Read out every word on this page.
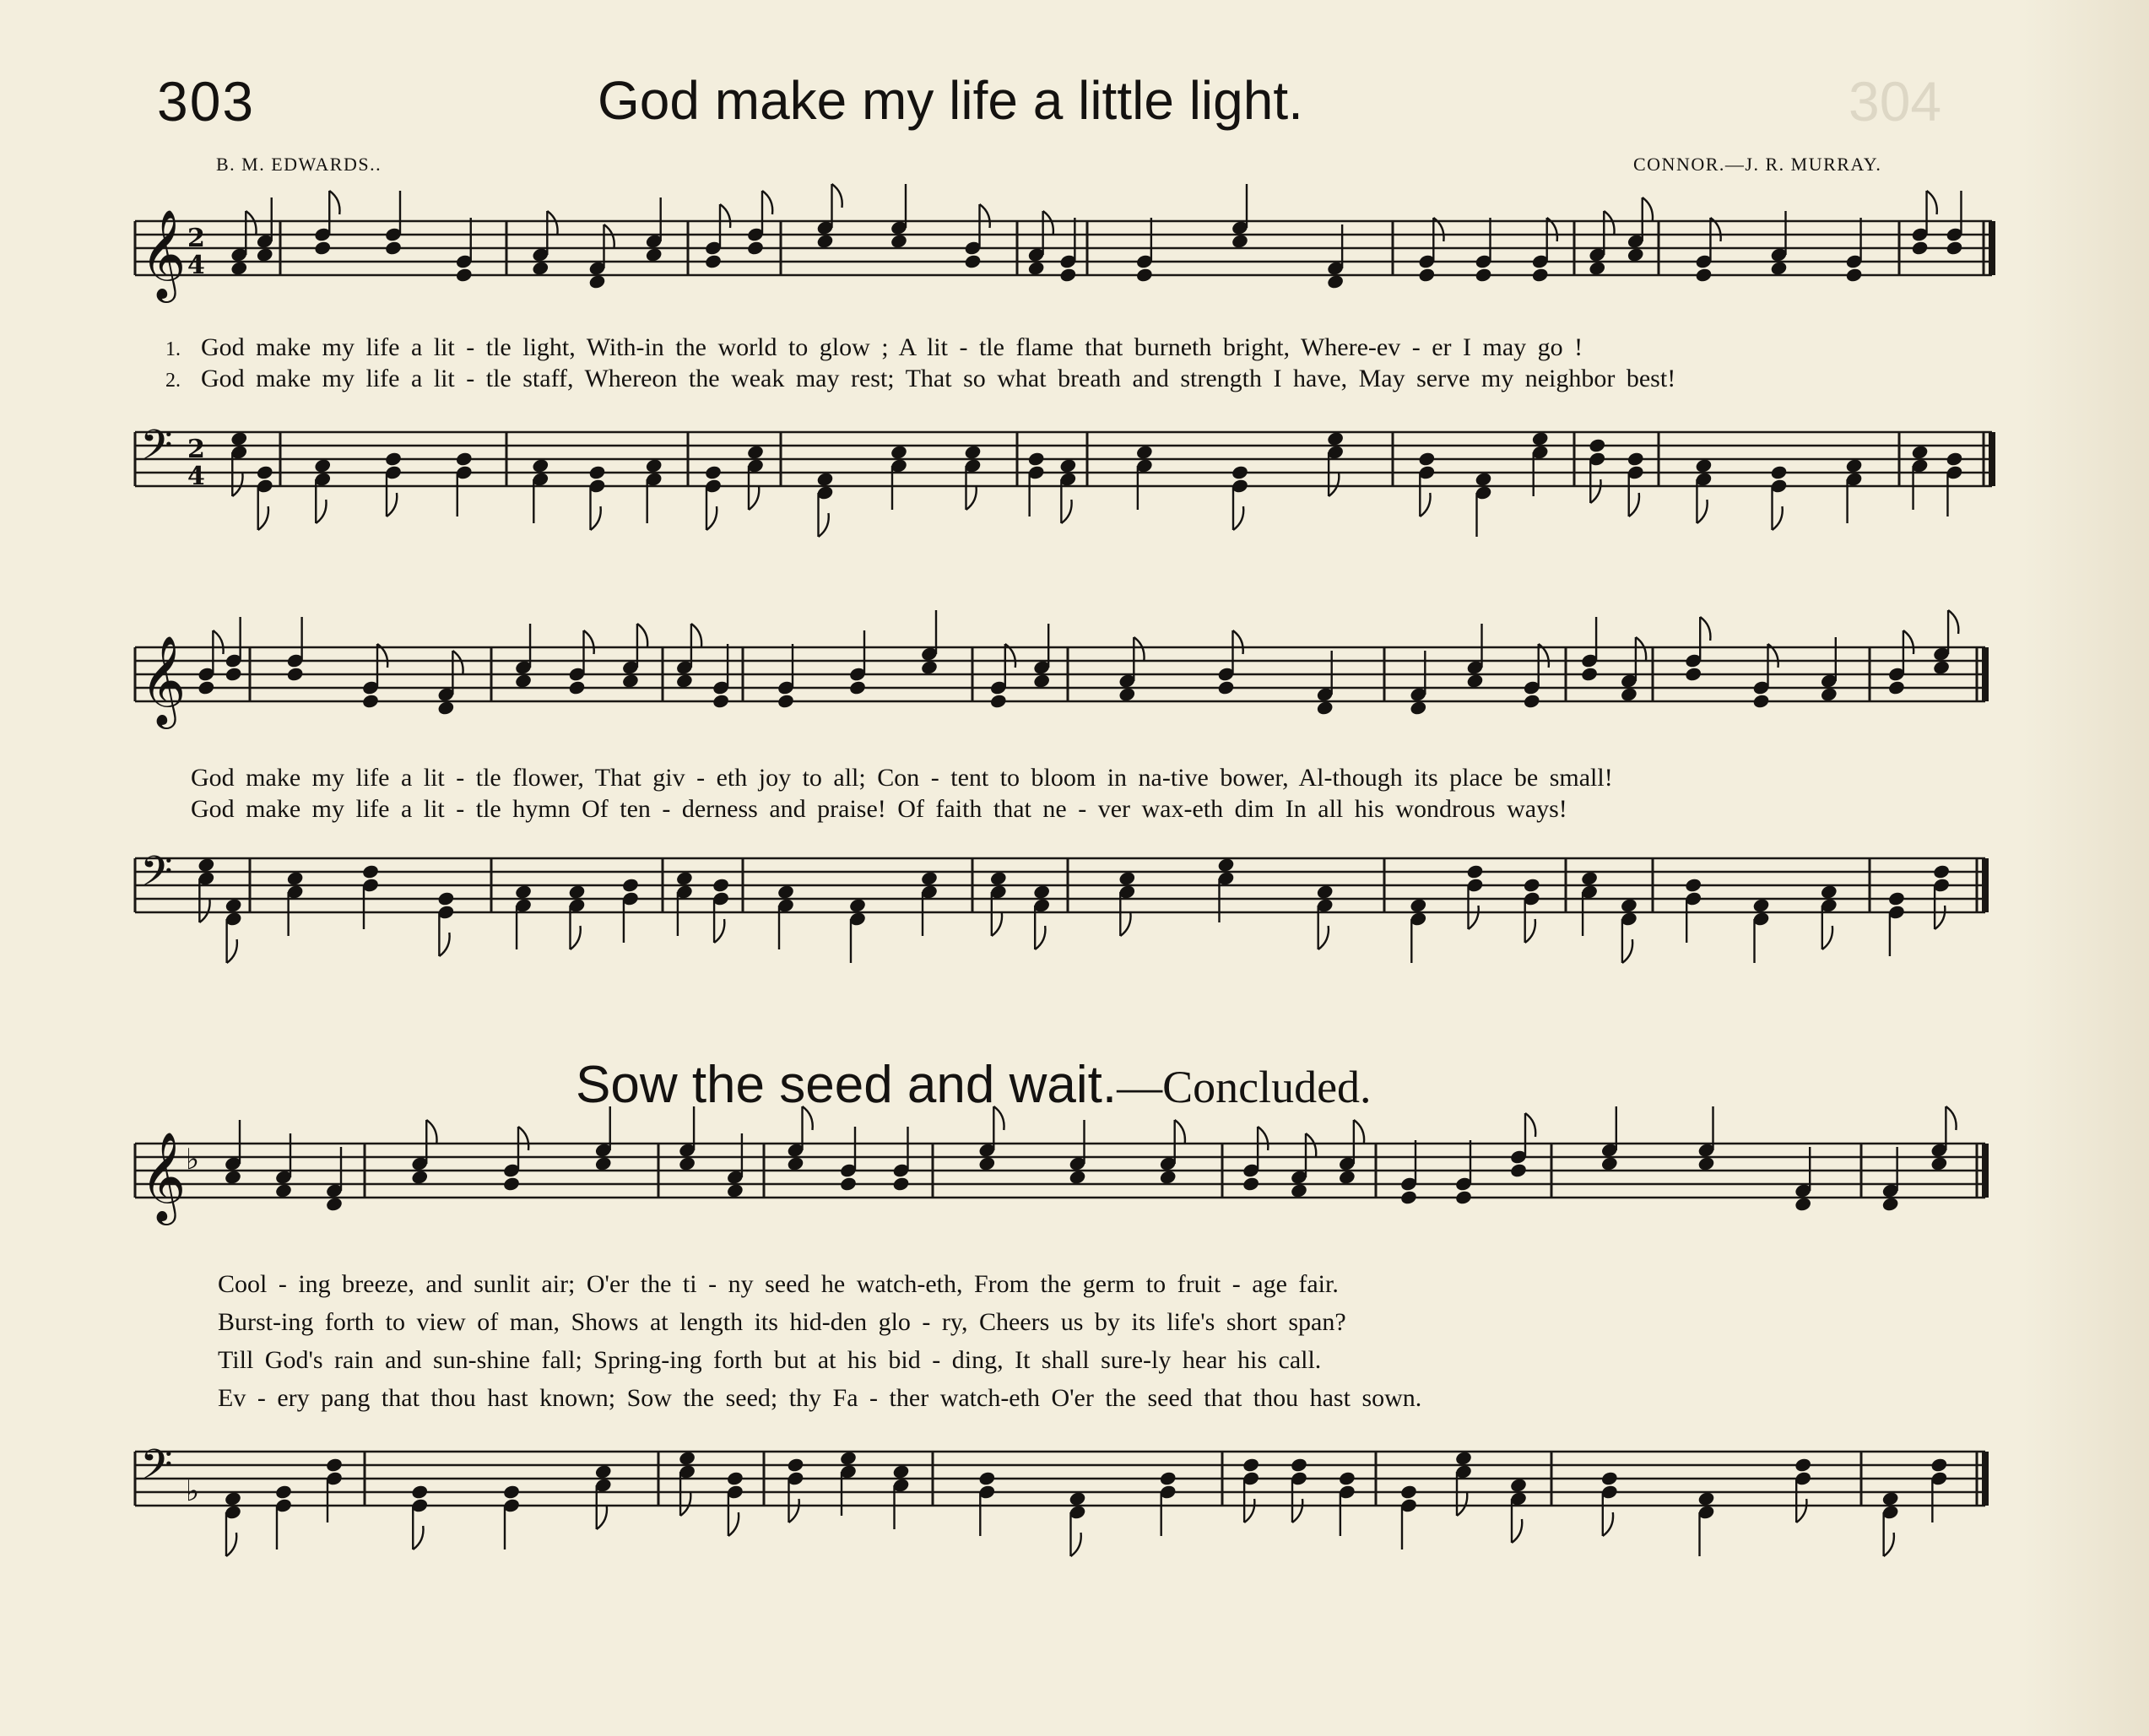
304
303	God make my life a little light.
B. M. EDWARDS..	CONNOR.—J. R. MURRAY.
𝄞 2
4
1. God make my life a lit - tle light, With-in the world to glow ; A lit - tle flame that burneth bright, Where-ev - er I may go !
2. God make my life a lit - tle staff, Whereon the weak may rest; That so what breath and strength I have, May serve my neighbor best!
𝄢 2
4
𝄞
God make my life a lit - tle flower, That giv - eth joy to all; Con - tent to bloom in na-tive bower, Al-though its place be small!
God make my life a lit - tle hymn Of ten - derness and praise! Of faith that ne - ver wax-eth dim In all his wondrous ways!
𝄢
Sow the seed and wait.—Concluded.
𝄞 ♭
Cool - ing breeze, and sunlit air; O'er the ti - ny seed he watch-eth, From the germ to fruit - age fair.
Burst-ing forth to view of man, Shows at length its hid-den glo - ry, Cheers us by its life's short span?
Till God's rain and sun-shine fall; Spring-ing forth but at his bid - ding, It shall sure-ly hear his call.
Ev - ery pang that thou hast known; Sow the seed; thy Fa - ther watch-eth O'er the seed that thou hast sown.
𝄢 ♭
